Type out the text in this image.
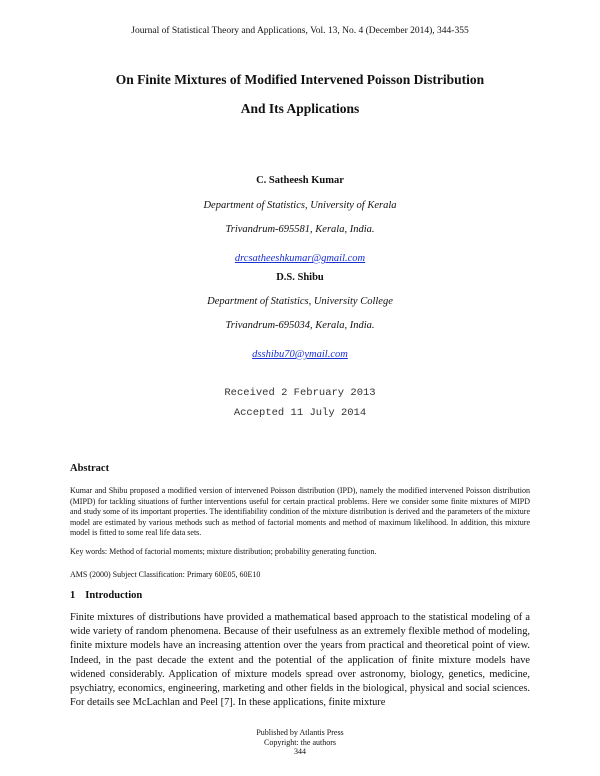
Journal of Statistical Theory and Applications, Vol. 13, No. 4 (December 2014), 344-355
On Finite Mixtures of Modified Intervened Poisson Distribution
And Its Applications
C. Satheesh Kumar
Department of Statistics, University of Kerala
Trivandrum-695581, Kerala, India.
drcsatheeshkumar@gmail.com
D.S. Shibu
Department of Statistics, University College
Trivandrum-695034, Kerala, India.
dsshibu70@ymail.com
Received 2 February 2013
Accepted 11 July 2014
Abstract
Kumar and Shibu proposed a modified version of intervened Poisson distribution (IPD), namely the modified intervened Poisson distribution (MIPD) for tackling situations of further interventions useful for certain practical problems. Here we consider some finite mixtures of MIPD and study some of its important properties. The identifiability condition of the mixture distribution is derived and the parameters of the mixture model are estimated by various methods such as method of factorial moments and method of maximum likelihood. In addition, this mixture model is fitted to some real life data sets.
Key words: Method of factorial moments; mixture distribution; probability generating function.
AMS (2000) Subject Classification: Primary 60E05, 60E10
1 Introduction
Finite mixtures of distributions have provided a mathematical based approach to the statistical modeling of a wide variety of random phenomena. Because of their usefulness as an extremely flexible method of modeling, finite mixture models have an increasing attention over the years from practical and theoretical point of view. Indeed, in the past decade the extent and the potential of the application of finite mixture models have widened considerably. Application of mixture models spread over astronomy, biology, genetics, medicine, psychiatry, economics, engineering, marketing and other fields in the biological, physical and social sciences. For details see McLachlan and Peel [7]. In these applications, finite mixture
Published by Atlantis Press
Copyright: the authors
344
